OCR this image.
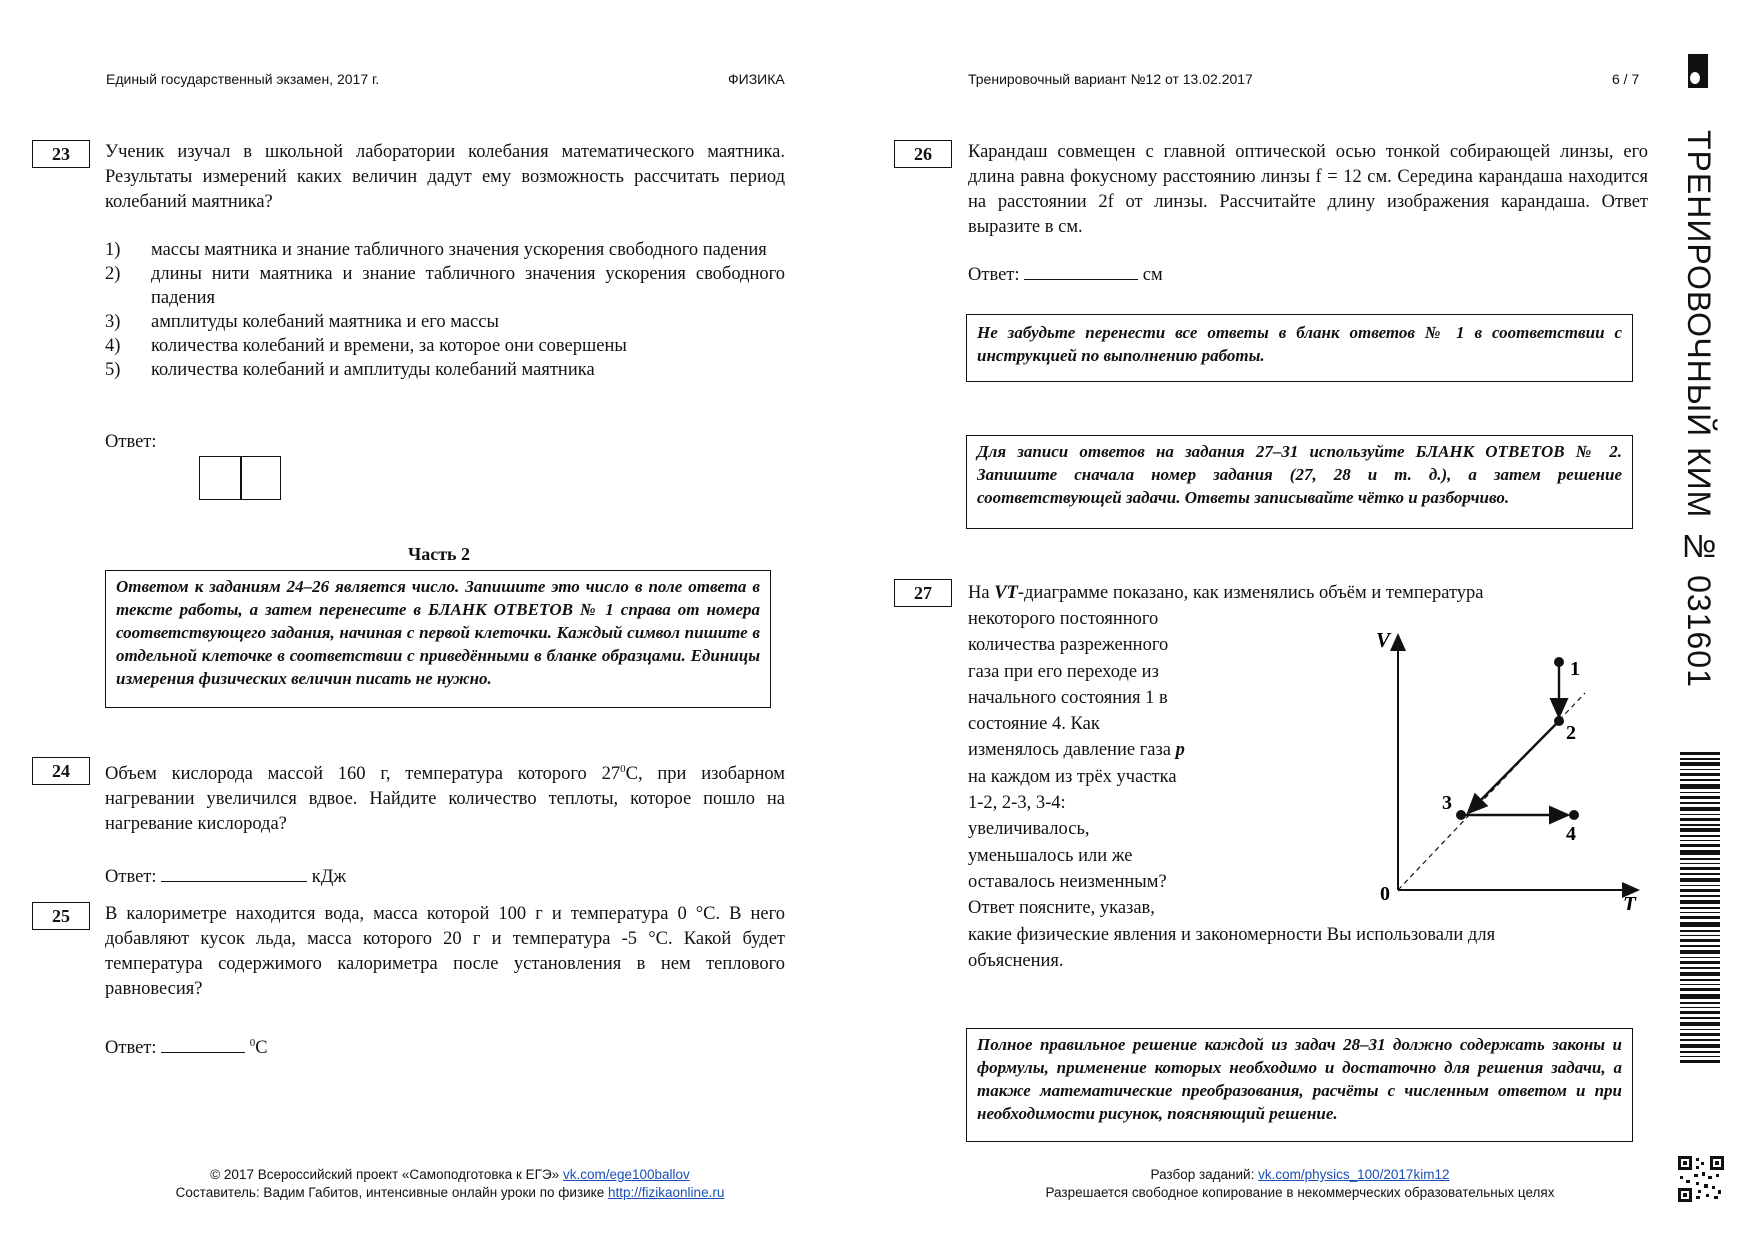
Единый государственный экзамен, 2017 г.	ФИЗИКА	Тренировочный вариант №12 от 13.02.2017	6 / 7
ТРЕНИРОВОЧНЫЙ КИМ № 031601
23	Ученик изучал в школьной лаборатории колебания математического маятника. Результаты измерений каких величин дадут ему возможность рассчитать период колебаний маятника?
1)	массы маятника и знание табличного значения ускорения свободного падения
2)	длины нити маятника и знание табличного значения ускорения свободного падения
3)	амплитуды колебаний маятника и его массы
4)	количества колебаний и времени, за которое они совершены
5)	количества колебаний и амплитуды колебаний маятника
Ответ:
Часть 2
Ответом к заданиям 24–26 является число. Запишите это число в поле ответа в тексте работы, а затем перенесите в БЛАНК ОТВЕТОВ № 1 справа от номера соответствующего задания, начиная с первой клеточки. Каждый символ пишите в отдельной клеточке в соответствии с приведёнными в бланке образцами. Единицы измерения физических величин писать не нужно.
24	Объем кислорода массой 160 г, температура которого $27^0С$, при изобарном нагревании увеличился вдвое. Найдите количество теплоты, которое пошло на нагревание кислорода?
Ответ:	кДж
25	В калориметре находится вода, масса которой 100 г и температура 0 °С. В него добавляют кусок льда, масса которого 20 г и температура -5 °С. Какой будет температура содержимого калориметра после установления в нем теплового равновесия?
Ответ:	$^0$С
26	Карандаш совмещен с главной оптической осью тонкой собирающей линзы, его длина равна фокусному расстоянию линзы f = 12 см. Середина карандаша находится на расстоянии 2f от линзы. Рассчитайте длину изображения карандаша. Ответ выразите в см.
Ответ:	см
Не забудьте перенести все ответы в бланк ответов № 1 в соответствии с инструкцией по выполнению работы.
Для записи ответов на задания 27–31 используйте БЛАНК ОТВЕТОВ № 2. Запишите сначала номер задания (27, 28 и т. д.), а затем решение соответствующей задачи. Ответы записывайте чётко и разборчиво.
27	На VT-диаграмме показано, как изменялись объём и температура
некоторого постоянного
количества разреженного
газа при его переходе из
начального состояния 1 в
состояние 4. Как
изменялось давление газа p
на каждом из трёх участка
1-2, 2-3, 3-4:
увеличивалось,
уменьшалось или же
оставалось неизменным?
Ответ поясните, указав,
какие физические явления и закономерности Вы использовали для объяснения.
V
T
0
1
2
3
4
Полное правильное решение каждой из задач 28–31 должно содержать законы и формулы, применение которых необходимо и достаточно для решения задачи, а также математические преобразования, расчёты с численным ответом и при необходимости рисунок, поясняющий решение.
© 2017 Всероссийский проект «Самоподготовка к ЕГЭ» vk.com/ege100ballov
Составитель: Вадим Габитов, интенсивные онлайн уроки по физике http://fizikaonline.ru
Разбор заданий: vk.com/physics_100/2017kim12
Разрешается свободное копирование в некоммерческих образовательных целях
